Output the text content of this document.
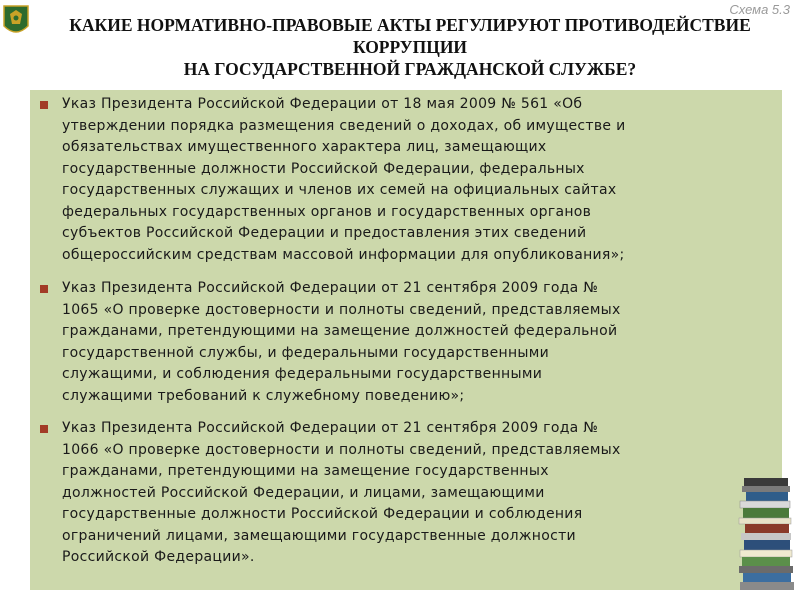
Схема 5.3
КАКИЕ НОРМАТИВНО-ПРАВОВЫЕ АКТЫ РЕГУЛИРУЮТ ПРОТИВОДЕЙСТВИЕ
КОРРУПЦИИ
НА ГОСУДАРСТВЕННОЙ ГРАЖДАНСКОЙ СЛУЖБЕ?
Указ Президента Российской Федерации от 18 мая 2009 № 561 «Об
утверждении порядка размещения сведений о доходах, об имуществе и
обязательствах имущественного характера лиц, замещающих
государственные должности Российской Федерации, федеральных
государственных служащих и членов их семей на официальных сайтах
федеральных государственных органов и государственных органов
субъектов Российской Федерации и предоставления этих сведений
общероссийским средствам массовой информации для опубликования»;
Указ Президента Российской Федерации от 21 сентября 2009 года №
1065 «О проверке достоверности и полноты сведений, представляемых
гражданами, претендующими на замещение должностей федеральной
государственной службы, и федеральными государственными
служащими, и соблюдения федеральными государственными
служащими требований к служебному поведению»;
Указ Президента Российской Федерации от 21 сентября 2009 года №
1066 «О проверке достоверности и полноты сведений, представляемых
гражданами, претендующими на замещение государственных
должностей Российской Федерации, и лицами, замещающими
государственные должности Российской Федерации и соблюдения
ограничений лицами, замещающими государственные должности
Российской Федерации».
